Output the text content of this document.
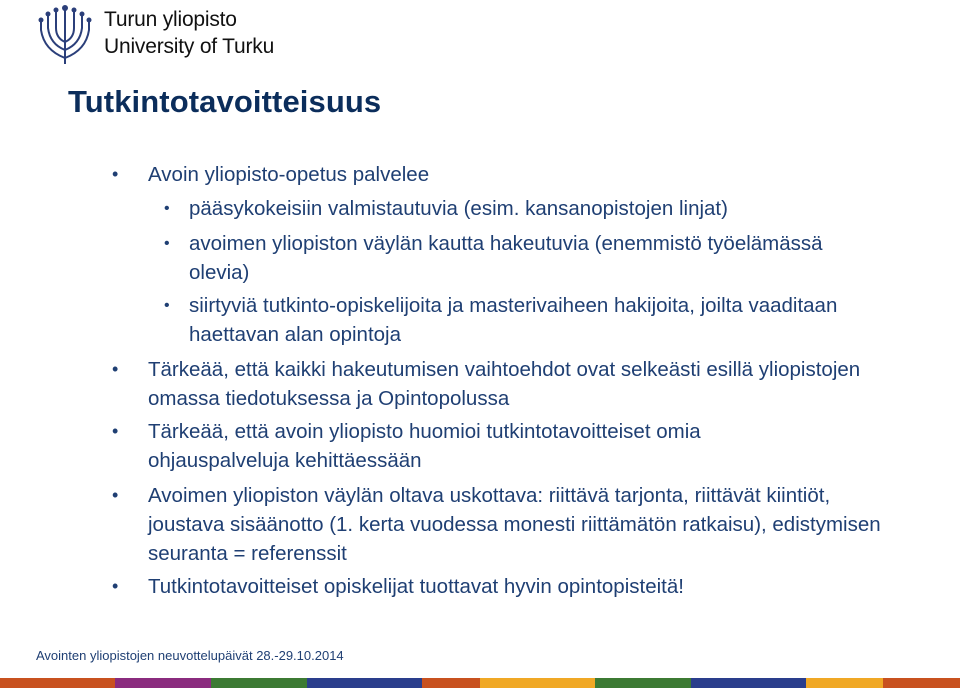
Turun yliopisto
University of Turku
Tutkintotavoitteisuus
• Avoin yliopisto-opetus palvelee
• pääsykokeisiin valmistautuvia (esim. kansanopistojen linjat)
• avoimen yliopiston väylän kautta hakeutuvia (enemmistö työelämässä olevia)
• siirtyviä tutkinto-opiskelijoita ja masterivaiheen hakijoita, joilta vaaditaan haettavan alan opintoja
• Tärkeää, että kaikki hakeutumisen vaihtoehdot ovat selkeästi esillä yliopistojen omassa tiedotuksessa ja Opintopolussa
• Tärkeää, että avoin yliopisto huomioi tutkintotavoitteiset omia ohjauspalveluja kehittäessään
• Avoimen yliopiston väylän oltava uskottava: riittävä tarjonta, riittävät kiintiöt, joustava sisäänotto (1. kerta vuodessa monesti riittämätön ratkaisu), edistymisen seuranta = referenssit
• Tutkintotavoitteiset opiskelijat tuottavat hyvin opintopisteitä!
Avointen yliopistojen neuvottelupäivät 28.-29.10.2014
